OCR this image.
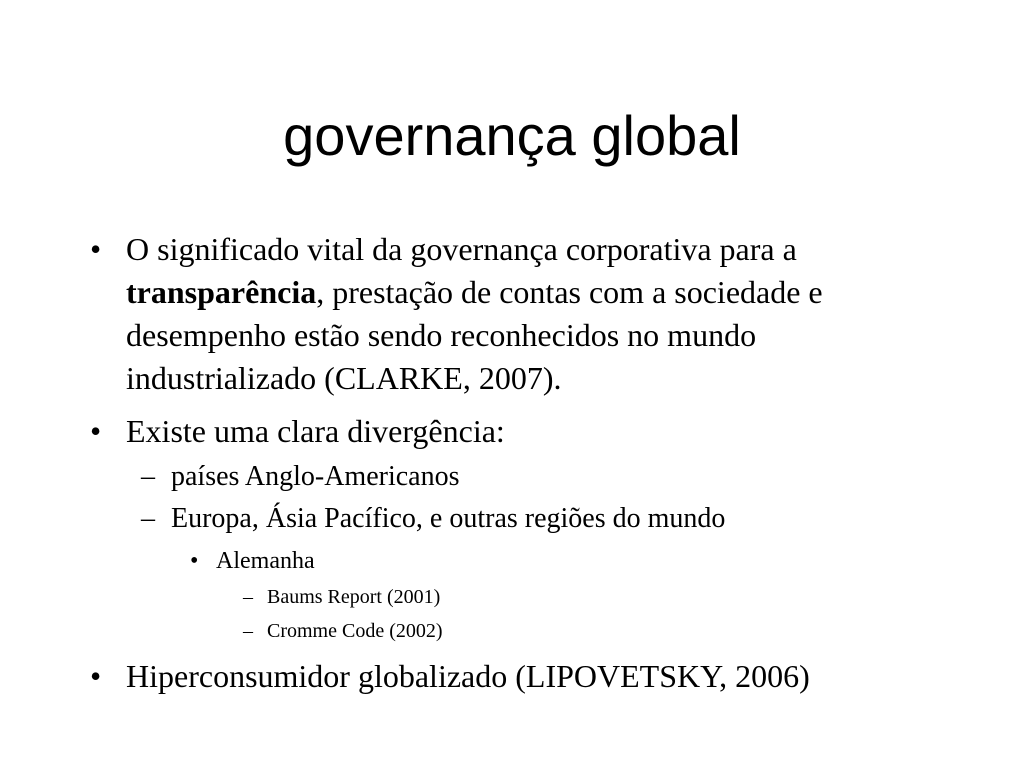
governança global
• O significado vital da governança corporativa para a transparência, prestação de contas com a sociedade e desempenho estão sendo reconhecidos no mundo industrializado (CLARKE, 2007).
• Existe uma clara divergência:
– países Anglo-Americanos
– Europa, Ásia Pacífico, e outras regiões do mundo
• Alemanha
– Baums Report (2001)
– Cromme Code (2002)
• Hiperconsumidor globalizado (LIPOVETSKY, 2006)
